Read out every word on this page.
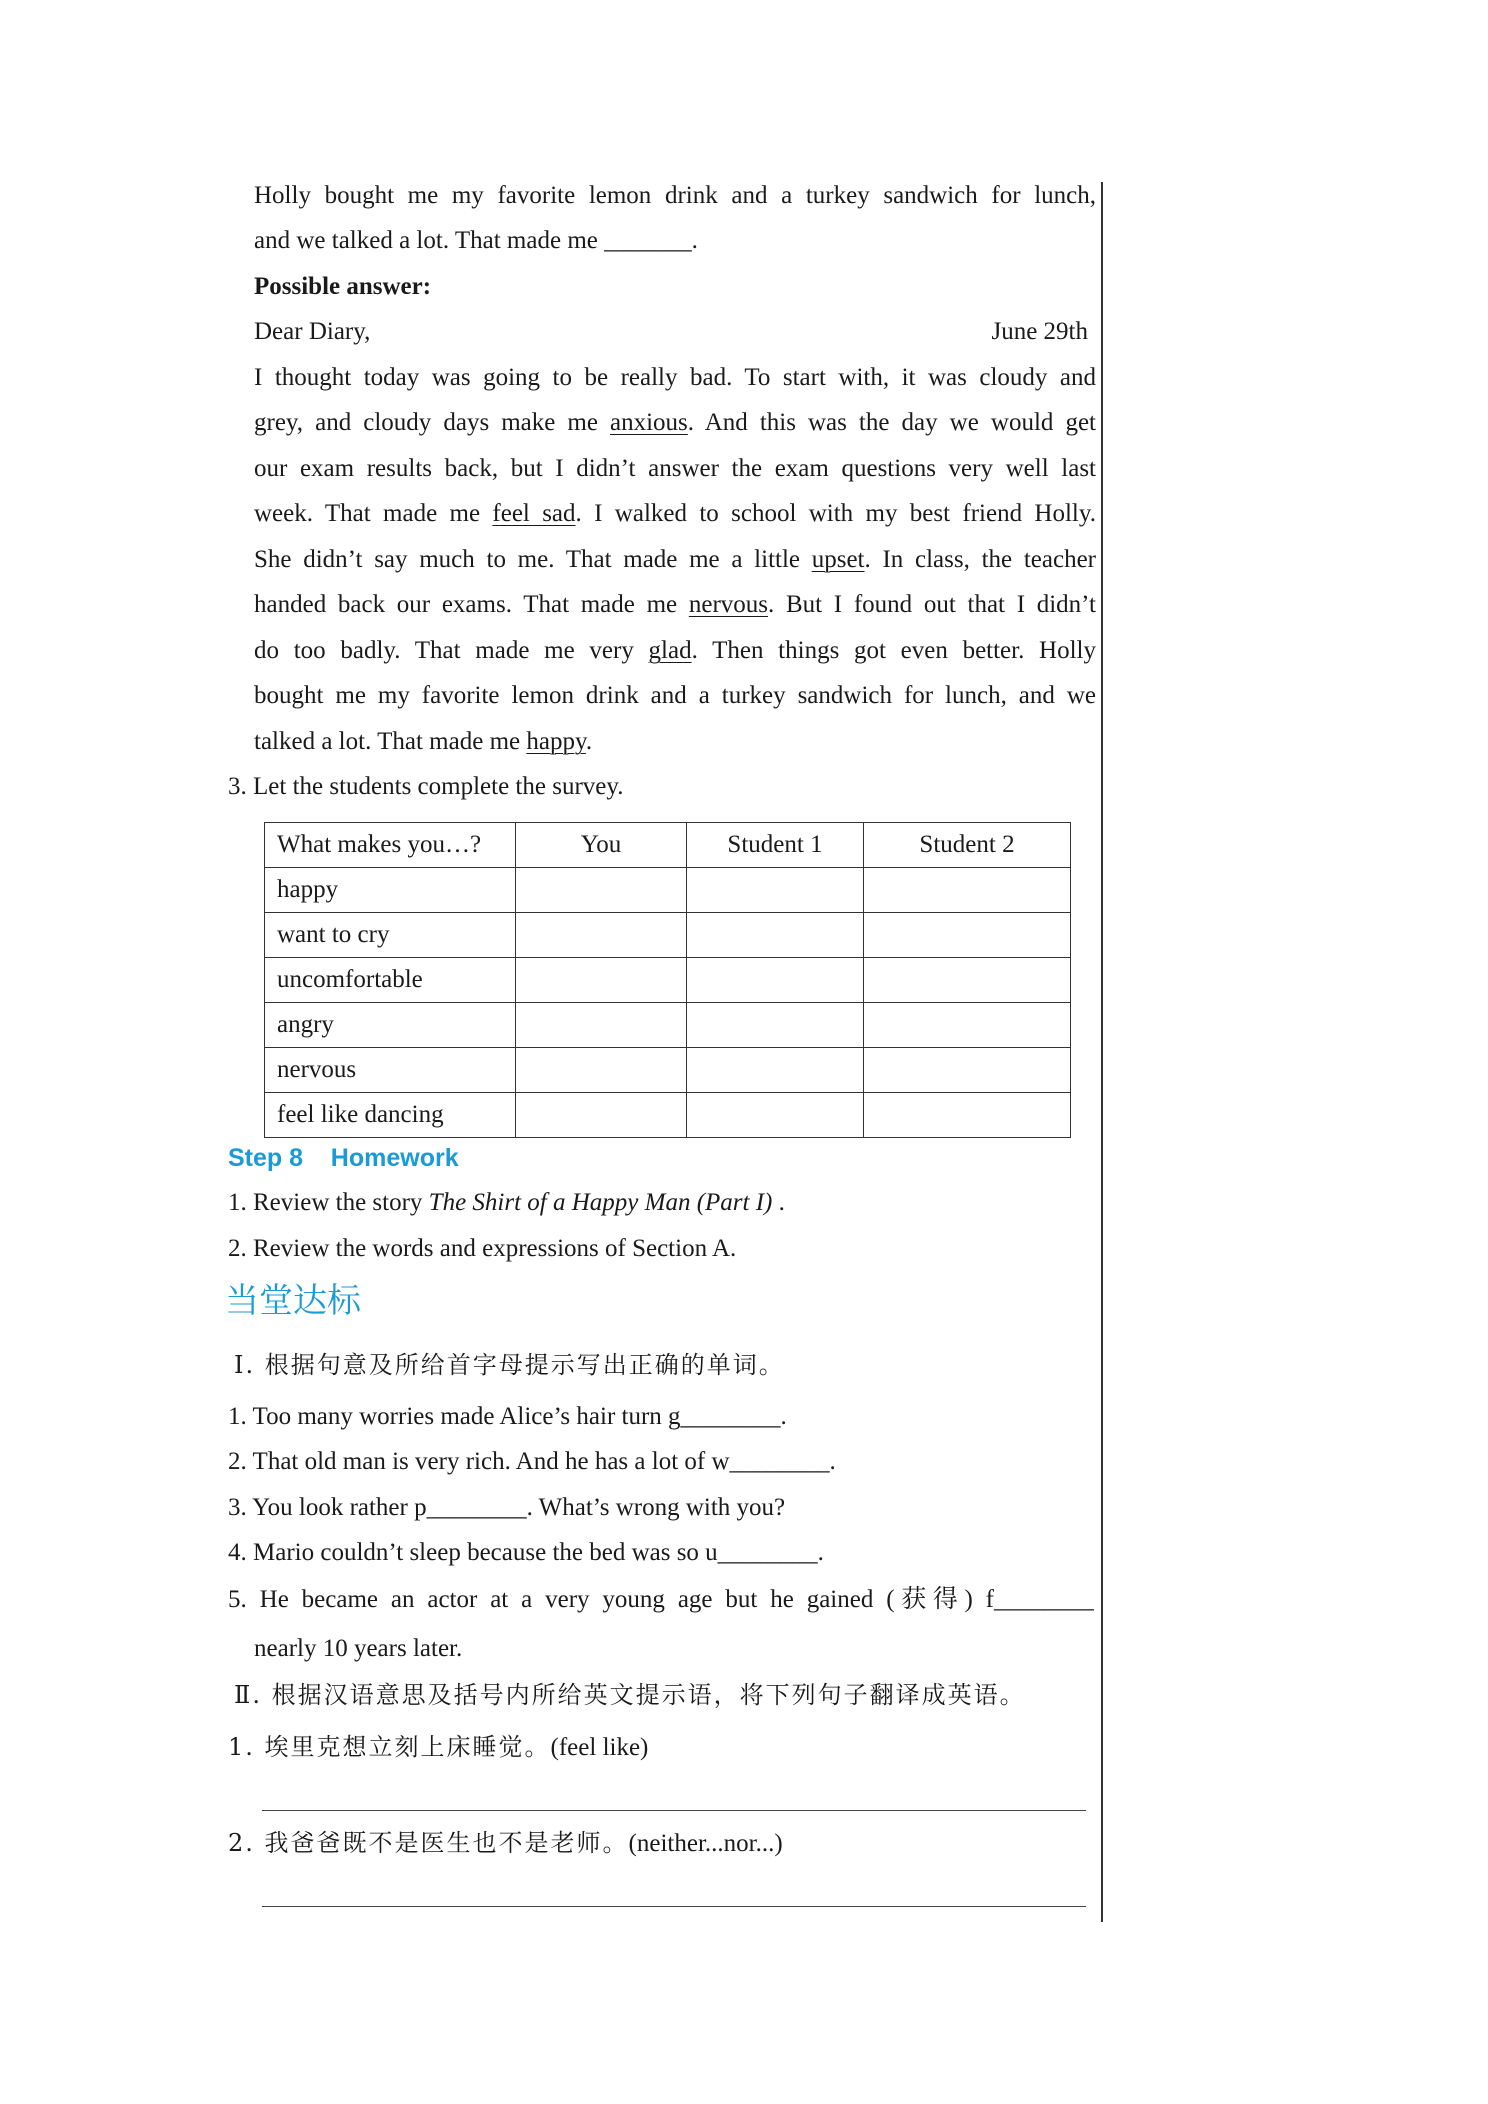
Holly bought me my favorite lemon drink and a turkey sandwich for lunch,
and we talked a lot. That made me _______.
Possible answer:
Dear Diary,	June 29th
I thought today was going to be really bad. To start with, it was cloudy and
grey, and cloudy days make me anxious. And this was the day we would get
our exam results back, but I didn’t answer the exam questions very well last
week. That made me feel sad. I walked to school with my best friend Holly.
She didn’t say much to me. That made me a little upset. In class, the teacher
handed back our exams. That made me nervous. But I found out that I didn’t
do too badly. That made me very glad. Then things got even better. Holly
bought me my favorite lemon drink and a turkey sandwich for lunch, and we
talked a lot. That made me happy.
3. Let the students complete the survey.
What makes you…?	You	Student 1	Student 2
happy			
want to cry			
uncomfortable			
angry			
nervous			
feel like dancing			
Step 8    Homework
1. Review the story The Shirt of a Happy Man (Part I) .
2. Review the words and expressions of Section A.
当堂达标
Ⅰ. 根据句意及所给首字母提示写出正确的单词。
1. Too many worries made Alice’s hair turn g________.
2. That old man is very rich. And he has a lot of w________.
3. You look rather p________. What’s wrong with you?
4. Mario couldn’t sleep because the bed was so u________.
5. He became an actor at a very young age but he gained (获得) f________
nearly 10 years later.
Ⅱ. 根据汉语意思及括号内所给英文提示语，将下列句子翻译成英语。
1. 埃里克想立刻上床睡觉。(feel like)
2. 我爸爸既不是医生也不是老师。(neither...nor...)
